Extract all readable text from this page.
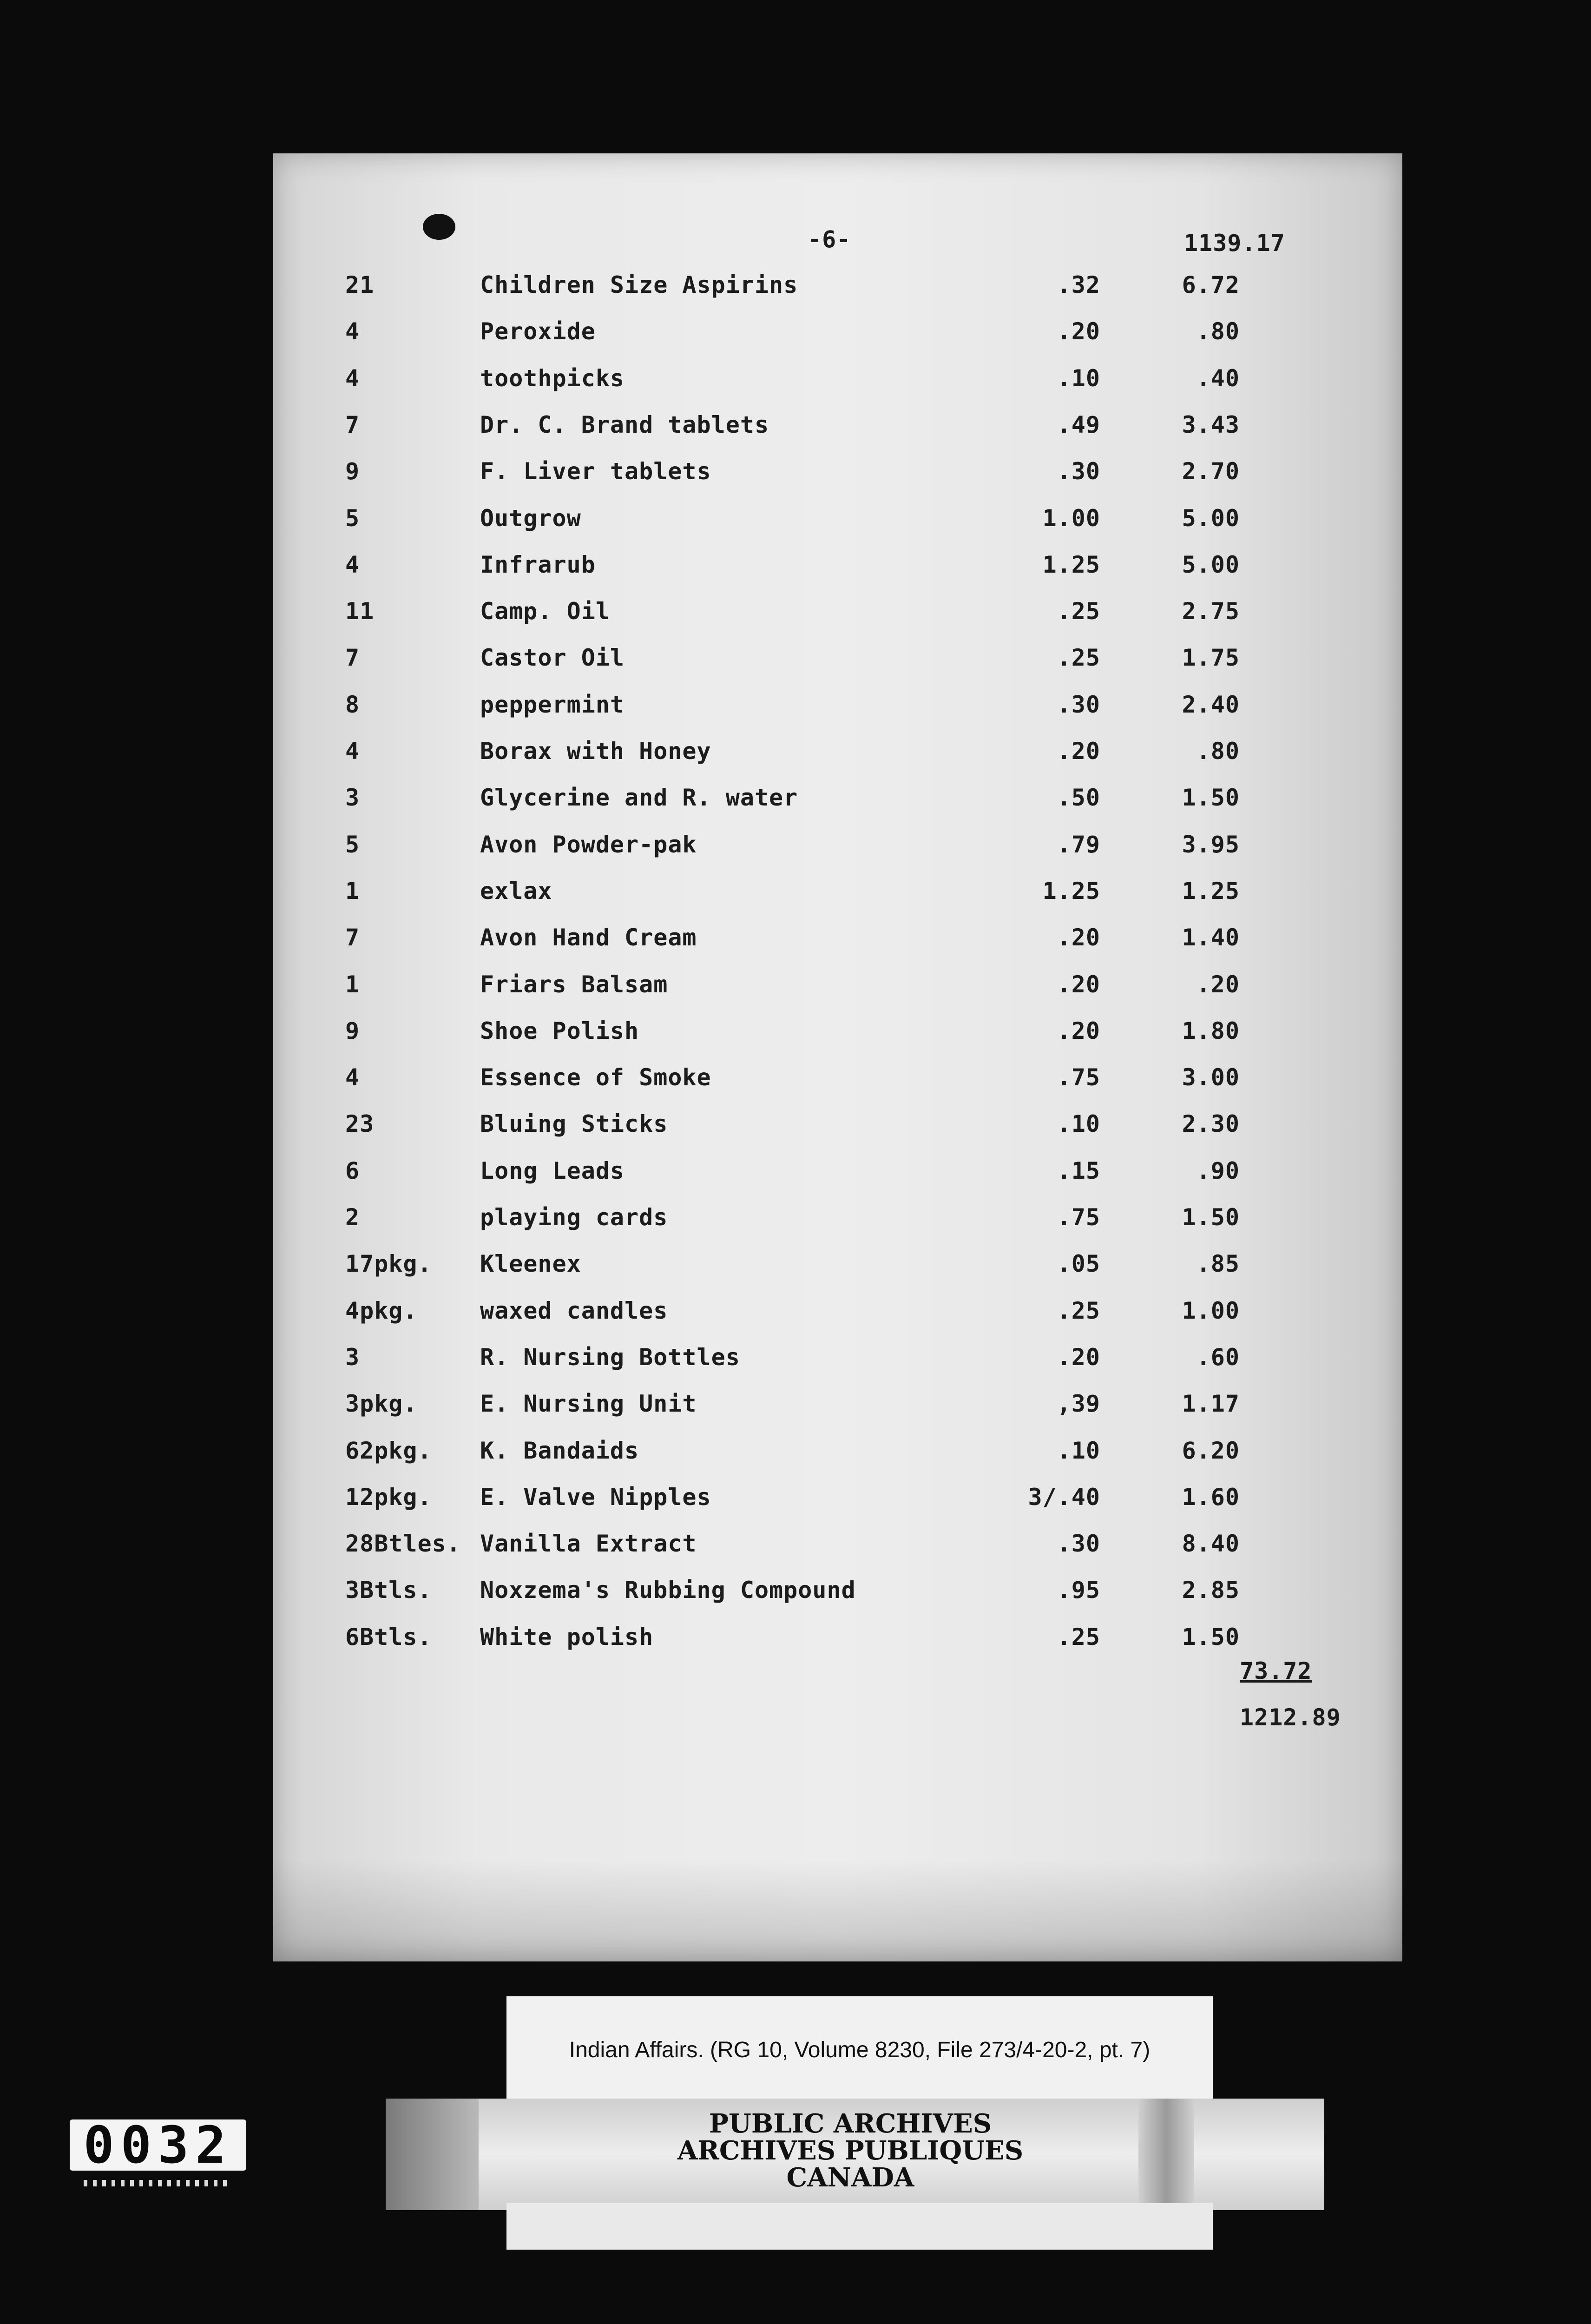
-6-	1139.17
21	Children Size Aspirins	.32	6.72
4	Peroxide	.20	.80
4	toothpicks	.10	.40
7	Dr. C. Brand tablets	.49	3.43
9	F. Liver tablets	.30	2.70
5	Outgrow	1.00	5.00
4	Infrarub	1.25	5.00
11	Camp. Oil	.25	2.75
7	Castor Oil	.25	1.75
8	peppermint	.30	2.40
4	Borax with Honey	.20	.80
3	Glycerine and R. water	.50	1.50
5	Avon Powder-pak	.79	3.95
1	exlax	1.25	1.25
7	Avon Hand Cream	.20	1.40
1	Friars Balsam	.20	.20
9	Shoe Polish	.20	1.80
4	Essence of Smoke	.75	3.00
23	Bluing Sticks	.10	2.30
6	Long Leads	.15	.90
2	playing cards	.75	1.50
17pkg.	Kleenex	.05	.85
4pkg.	waxed candles	.25	1.00
3	R. Nursing Bottles	.20	.60
3pkg.	E. Nursing Unit	,39	1.17
62pkg.	K. Bandaids	.10	6.20
12pkg.	E. Valve Nipples	3/.40	1.60
28Btles. Vanilla Extract	.30	8.40
3Btls.	Noxzema's Rubbing Compound	.95	2.85
6Btls.	White polish	.25	1.50
73.72
1212.89
Indian Affairs. (RG 10, Volume 8230, File 273/4-20-2, pt. 7)
PUBLIC ARCHIVES
ARCHIVES PUBLIQUES
CANADA
0032
